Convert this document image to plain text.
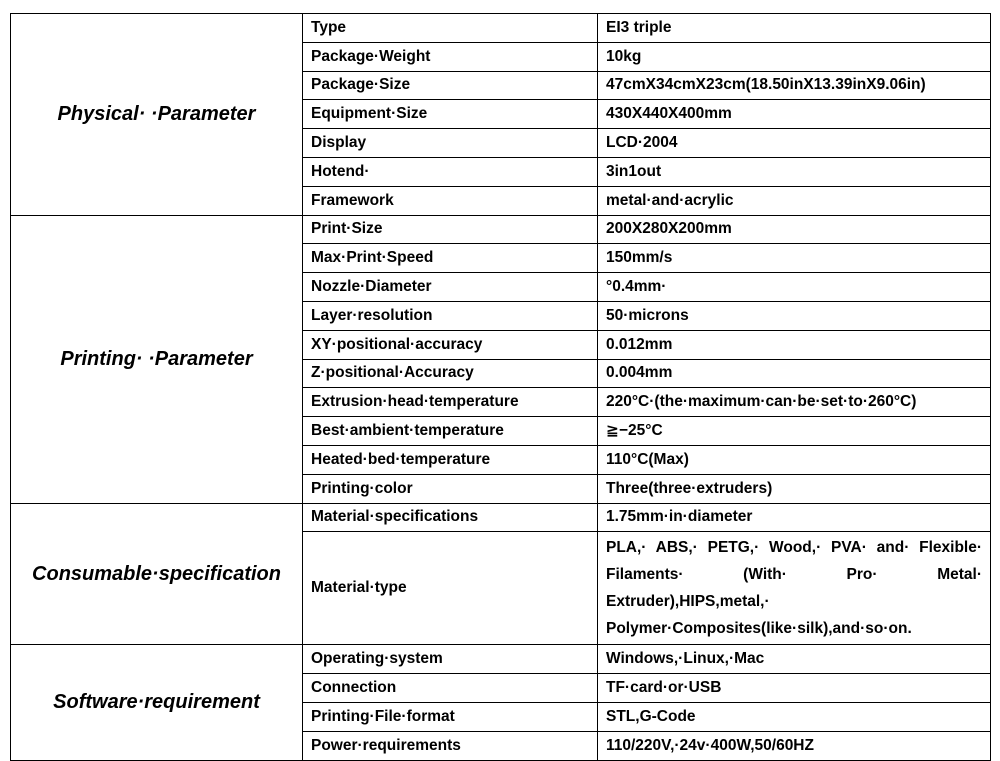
Physical· ·Parameter	Type	EI3 triple
	Package·Weight	10kg
	Package·Size	47cmX34cmX23cm(18.50inX13.39inX9.06in)
	Equipment·Size	430X440X400mm
	Display	LCD·2004
	Hotend·	3in1out
	Framework	metal·and·acrylic
Printing· ·Parameter	Print·Size	200X280X200mm
	Max·Print·Speed	150mm/s
	Nozzle·Diameter	°0.4mm·
	Layer·resolution	50·microns
	XY·positional·accuracy	0.012mm
	Z·positional·Accuracy	0.004mm
	Extrusion·head·temperature	220°C·(the·maximum·can·be·set·to·260°C)
	Best·ambient·temperature	≧−25°C
	Heated·bed·temperature	110°C(Max)
	Printing·color	Three(three·extruders)
Consumable·specification	Material·specifications	1.75mm·in·diameter
	Material·type	PLA,· ABS,· PETG,· Wood,· PVA· and· Flexible· Filaments· (With· Pro· Metal· Extruder),HIPS,metal,· Polymer·Composites(like·silk),and·so·on.
Software·requirement	Operating·system	Windows,·Linux,·Mac
	Connection	TF·card·or·USB
	Printing·File·format	STL,G-Code
	Power·requirements	110/220V,·24v·400W,50/60HZ
